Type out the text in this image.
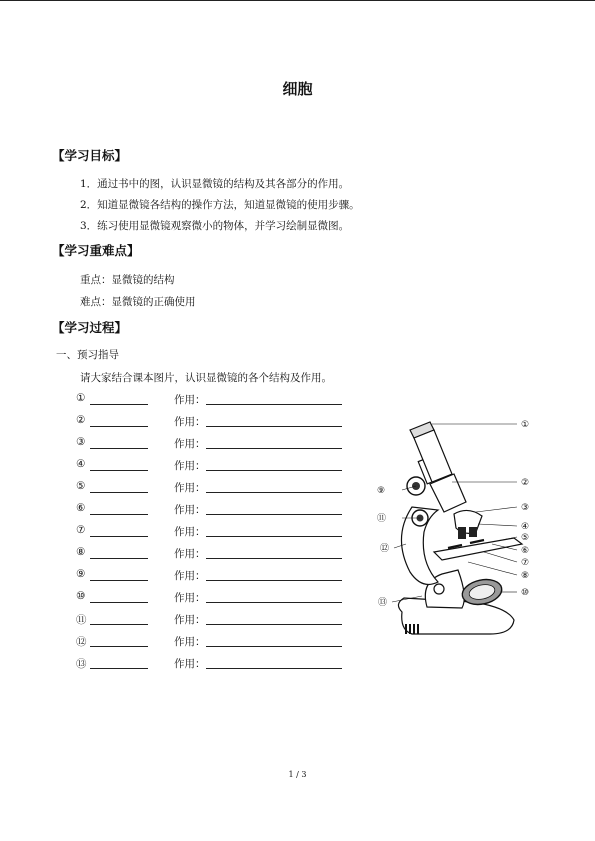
细胞
【学习目标】
1．通过书中的图，认识显微镜的结构及其各部分的作用。
2．知道显微镜各结构的操作方法，知道显微镜的使用步骤。
3．练习使用显微镜观察微小的物体，并学习绘制显微图。
【学习重难点】
重点：显微镜的结构
难点：显微镜的正确使用
【学习过程】
一、预习指导
请大家结合课本图片，认识显微镜的各个结构及作用。
①	作用：
②	作用：
③	作用：
④	作用：
⑤	作用：
⑥	作用：
⑦	作用：
⑧	作用：
⑨	作用：
⑩	作用：
⑪	作用：
⑫	作用：
⑬	作用：
①
②
③
④
⑤
⑥
⑦
⑧
⑨
⑩
⑪
⑫
⑬
1 / 3
